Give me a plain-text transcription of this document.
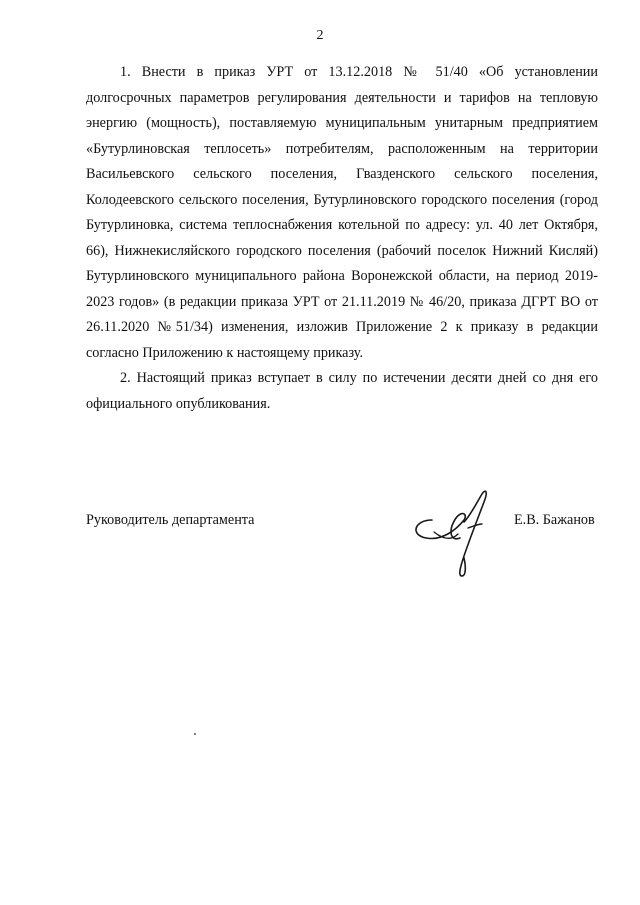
2

1. Внести в приказ УРТ от 13.12.2018 № 51/40 «Об установлении долгосрочных параметров регулирования деятельности и тарифов на тепловую энергию (мощность), поставляемую муниципальным унитарным предприятием «Бутурлиновская теплосеть» потребителям, расположенным на территории Васильевского сельского поселения, Гвазденского сельского поселения, Колодеевского сельского поселения, Бутурлиновского городского поселения (город Бутурлиновка, система теплоснабжения котельной по адресу: ул. 40 лет Октября, 66), Нижнекисляйского городского поселения (рабочий поселок Нижний Кисляй) Бутурлиновского муниципального района Воронежской области, на период 2019-2023 годов» (в редакции приказа УРТ от 21.11.2019 № 46/20, приказа ДГРТ ВО от 26.11.2020 №51/34) изменения, изложив Приложение 2 к приказу в редакции согласно Приложению к настоящему приказу.

2. Настоящий приказ вступает в силу по истечении десяти дней со дня его официального опубликования.

Руководитель департамента	Е.В. Бажанов
